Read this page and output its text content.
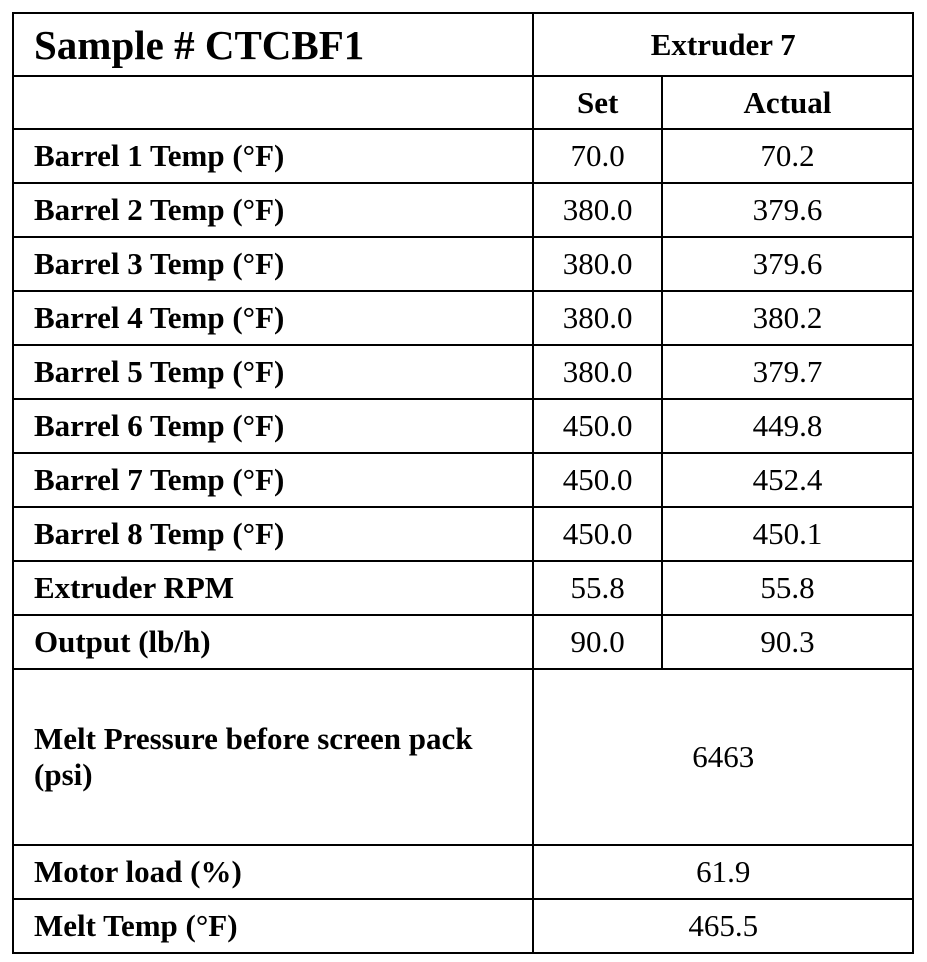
Sample # CTCBF1	Extruder 7
	Set	Actual
Barrel 1 Temp (°F)	70.0	70.2
Barrel 2 Temp (°F)	380.0	379.6
Barrel 3 Temp (°F)	380.0	379.6
Barrel 4 Temp (°F)	380.0	380.2
Barrel 5 Temp (°F)	380.0	379.7
Barrel 6 Temp (°F)	450.0	449.8
Barrel 7 Temp (°F)	450.0	452.4
Barrel 8 Temp (°F)	450.0	450.1
Extruder RPM	55.8	55.8
Output (lb/h)	90.0	90.3
Melt Pressure before screen pack (psi)	6463
Motor load (%)	61.9
Melt Temp (°F)	465.5
